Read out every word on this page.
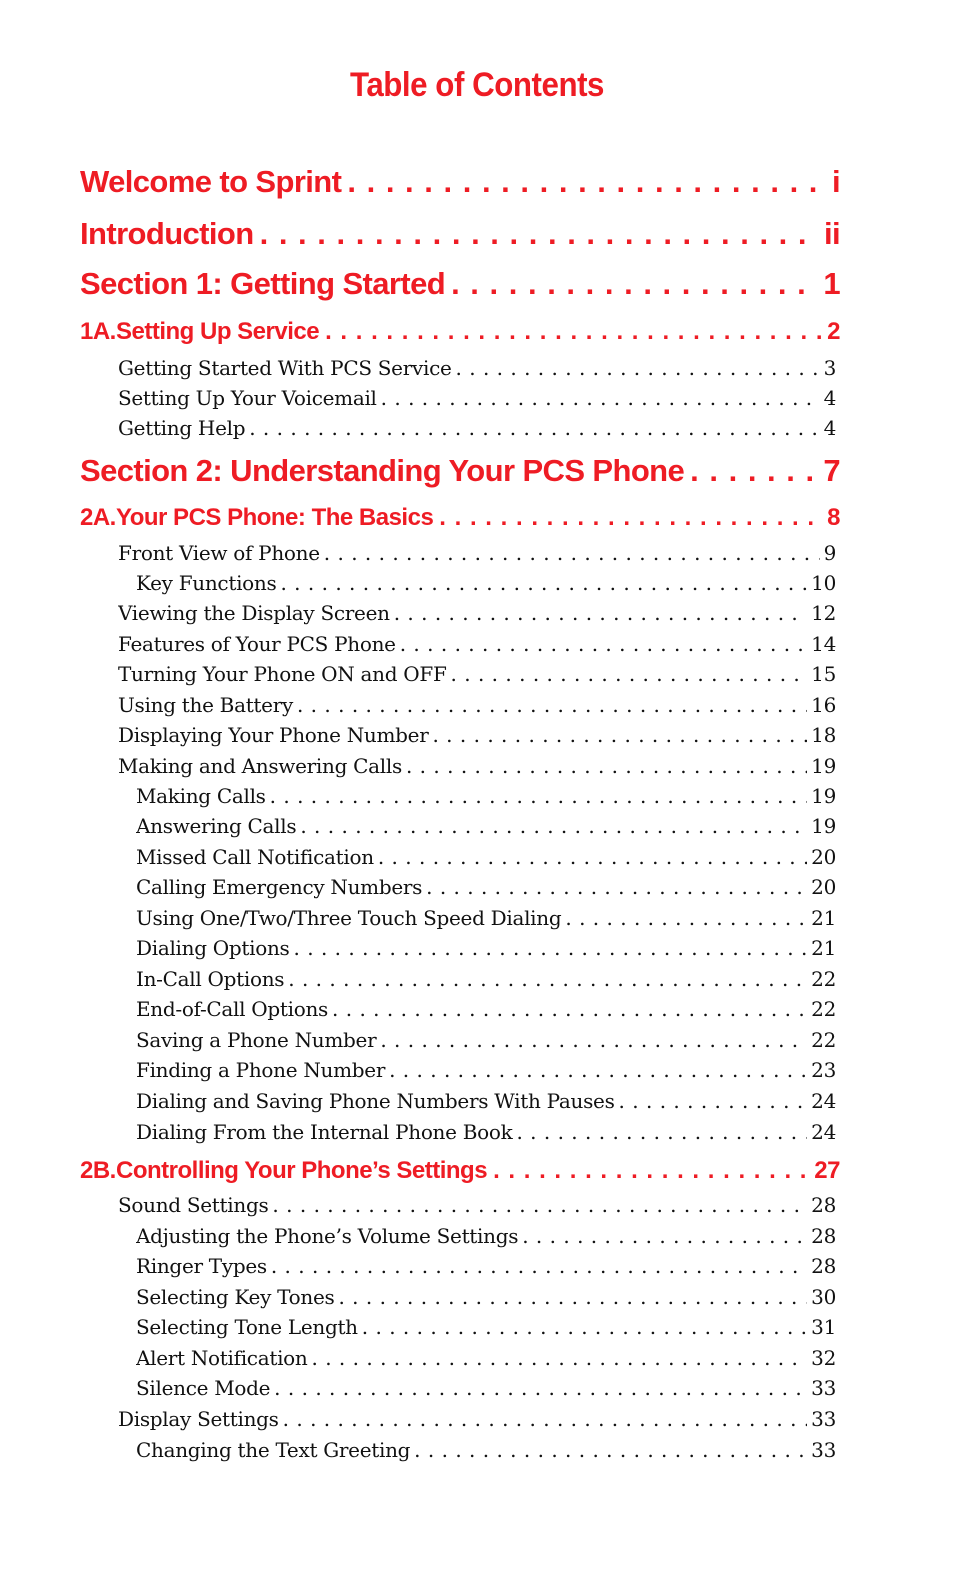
Table of Contents
Welcome to Sprint . . .	i
Introduction . . .	ii
Section 1: Getting Started . . .	1
1A.Setting Up Service . . .	2
Getting Started With PCS Service . . .	3
Setting Up Your Voicemail . . .	4
Getting Help . . .	4
Section 2: Understanding Your PCS Phone . . .	7
2A.Your PCS Phone: The Basics . . .	8
Front View of Phone . . .	9
Key Functions . . .	10
Viewing the Display Screen . . .	12
Features of Your PCS Phone . . .	14
Turning Your Phone ON and OFF . . .	15
Using the Battery . . .	16
Displaying Your Phone Number . . .	18
Making and Answering Calls . . .	19
Making Calls . . .	19
Answering Calls . . .	19
Missed Call Notification . . .	20
Calling Emergency Numbers . . .	20
Using One/Two/Three Touch Speed Dialing . . .	21
Dialing Options . . .	21
In-Call Options . . .	22
End-of-Call Options . . .	22
Saving a Phone Number . . .	22
Finding a Phone Number . . .	23
Dialing and Saving Phone Numbers With Pauses . . .	24
Dialing From the Internal Phone Book . . .	24
2B.Controlling Your Phone’s Settings . . .	27
Sound Settings . . .	28
Adjusting the Phone’s Volume Settings . . .	28
Ringer Types . . .	28
Selecting Key Tones . . .	30
Selecting Tone Length . . .	31
Alert Notification . . .	32
Silence Mode . . .	33
Display Settings . . .	33
Changing the Text Greeting . . .	33
